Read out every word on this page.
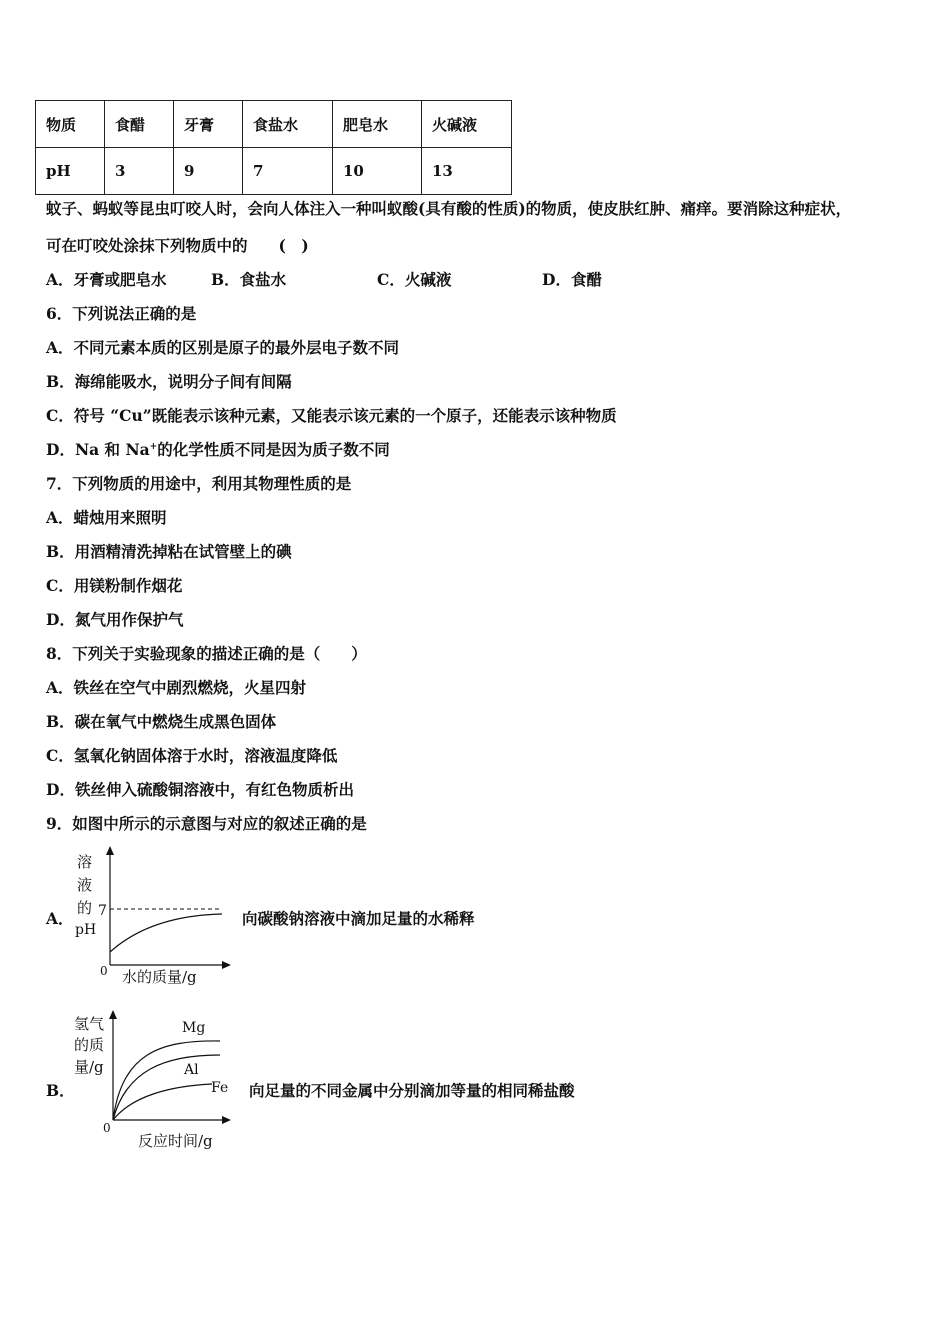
物质	食醋	牙膏	食盐水	肥皂水	火碱液
pH	3	9	7	10	13
蚊子、蚂蚁等昆虫叮咬人时，会向人体注入一种叫蚁酸(具有酸的性质)的物质，使皮肤红肿、痛痒。要消除这种症状，
可在叮咬处涂抹下列物质中的　　(　)
A．牙膏或肥皂水	B．食盐水	C．火碱液	D．食醋
6．下列说法正确的是
A．不同元素本质的区别是原子的最外层电子数不同
B．海绵能吸水，说明分子间有间隔
C．符号 “Cu”既能表示该种元素，又能表示该元素的一个原子，还能表示该种物质
D．Na 和 Na+的化学性质不同是因为质子数不同
7．下列物质的用途中，利用其物理性质的是
A．蜡烛用来照明
B．用酒精清洗掉粘在试管壁上的碘
C．用镁粉制作烟花
D．氮气用作保护气
8．下列关于实验现象的描述正确的是（　　）
A．铁丝在空气中剧烈燃烧，火星四射
B．碳在氧气中燃烧生成黑色固体
C．氢氧化钠固体溶于水时，溶液温度降低
D．铁丝伸入硫酸铜溶液中，有红色物质析出
9．如图中所示的示意图与对应的叙述正确的是
A．
溶
液
的
pH
7
0 水的质量/g
向碳酸钠溶液中滴加足量的水稀释
B．
Mg
Al
Fe
氢气
的质
量/g
0
反应时间/g
向足量的不同金属中分别滴加等量的相同稀盐酸
